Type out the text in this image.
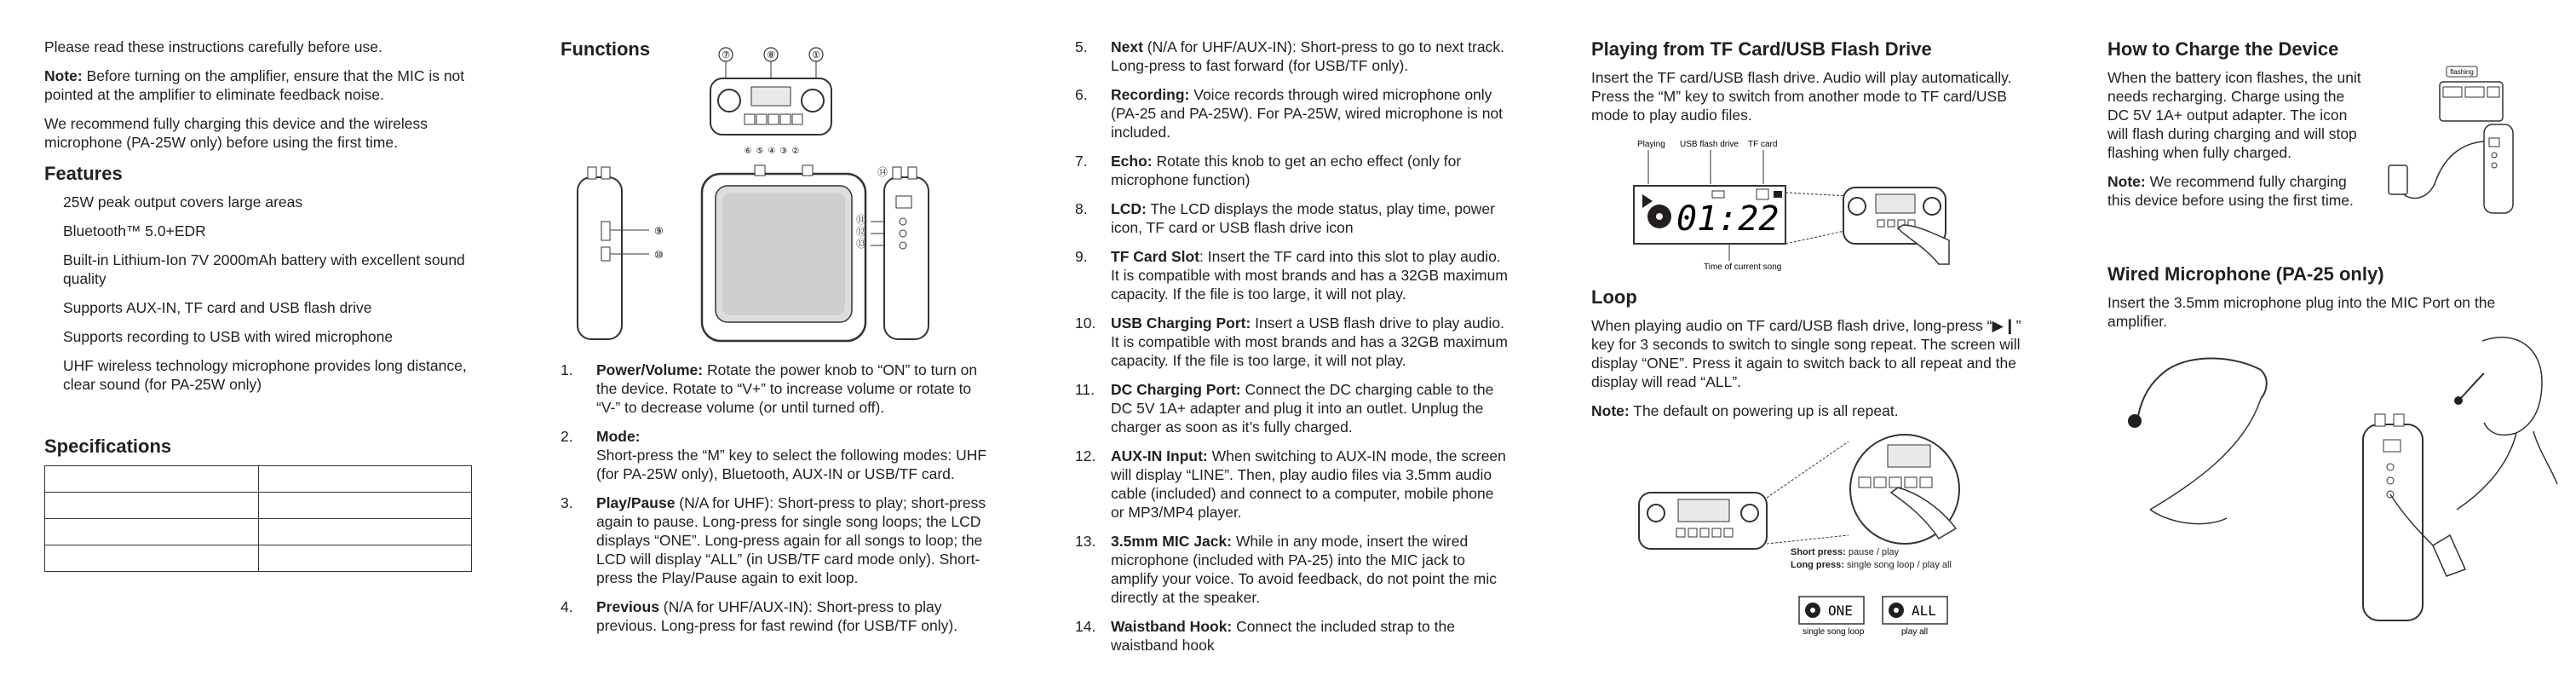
Please read these instructions carefully before use.

Note: Before turning on the amplifier, ensure that the MIC is not pointed at the amplifier to eliminate feedback noise.

We recommend fully charging this device and the wireless microphone (PA-25W only) before using the first time.

Features
25W peak output covers large areas
Bluetooth™ 5.0+EDR
Built-in Lithium-Ion 7V 2000mAh battery with excellent sound quality
Supports AUX-IN, TF card and USB flash drive
Supports recording to USB with wired microphone
UHF wireless technology microphone provides long distance, clear sound (for PA-25W only)
Specifications

Functions	⑦	⑧	①
⑥ ⑤ ④ ③ ②
⑨
⑩
⑪
⑫
⑬
⑭
1.	Power/Volume: Rotate the power knob to “ON” to turn on the device. Rotate to “V+” to increase volume or rotate to “V-” to decrease volume (or until turned off).
2.	Mode:
Short-press the “M” key to select the following modes: UHF (for PA-25W only), Bluetooth, AUX-IN or USB/TF card.
3.	Play/Pause (N/A for UHF): Short-press to play; short-press again to pause. Long-press for single song loops; the LCD displays “ONE”. Long-press again for all songs to loop; the LCD will display “ALL” (in USB/TF card mode only). Short-press the Play/Pause again to exit loop.
4.	Previous (N/A for UHF/AUX-IN): Short-press to play previous. Long-press for fast rewind (for USB/TF only).
5.	Next (N/A for UHF/AUX-IN): Short-press to go to next track. Long-press to fast forward (for USB/TF only).
6.	Recording: Voice records through wired microphone only (PA-25 and PA-25W). For PA-25W, wired microphone is not included.
7.	Echo: Rotate this knob to get an echo effect (only for microphone function)
8.	LCD: The LCD displays the mode status, play time, power icon, TF card or USB flash drive icon
9.	TF Card Slot: Insert the TF card into this slot to play audio. It is compatible with most brands and has a 32GB maximum capacity. If the file is too large, it will not play.
10.	USB Charging Port: Insert a USB flash drive to play audio. It is compatible with most brands and has a 32GB maximum capacity. If the file is too large, it will not play.
11.	DC Charging Port: Connect the DC charging cable to the DC 5V 1A+ adapter and plug it into an outlet. Unplug the charger as soon as it’s fully charged.
12.	AUX-IN Input: When switching to AUX-IN mode, the screen will display “LINE”. Then, play audio files via 3.5mm audio cable (included) and connect to a computer, mobile phone or MP3/MP4 player.
13.	3.5mm MIC Jack: While in any mode, insert the wired microphone (included with PA-25) into the MIC jack to amplify your voice. To avoid feedback, do not point the mic directly at the speaker.
14.	Waistband Hook: Connect the included strap to the waistband hook
Playing from TF Card/USB Flash Drive

Insert the TF card/USB flash drive. Audio will play automatically. Press the “M” key to switch from another mode to TF card/USB mode to play audio files.

Playing USB flash drive TF card
01:22
Time of current song
Loop

When playing audio on TF card/USB flash drive, long-press “▶❙” key for 3 seconds to switch to single song repeat. The screen will display “ONE”. Press it again to switch back to all repeat and the display will read “ALL”.

Note: The default on powering up is all repeat.

ONE
single song loop
ALL
play all
Short press: pause / play
Long press: single song loop / play all
How to Charge the Device

When the battery icon flashes, the unit needs recharging. Charge using the DC 5V 1A+ output adapter. The icon will flash during charging and will stop flashing when fully charged.

Note: We recommend fully charging this device before using the first time.

flashing
Wired Microphone (PA-25 only)

Insert the 3.5mm microphone plug into the MIC Port on the amplifier.
